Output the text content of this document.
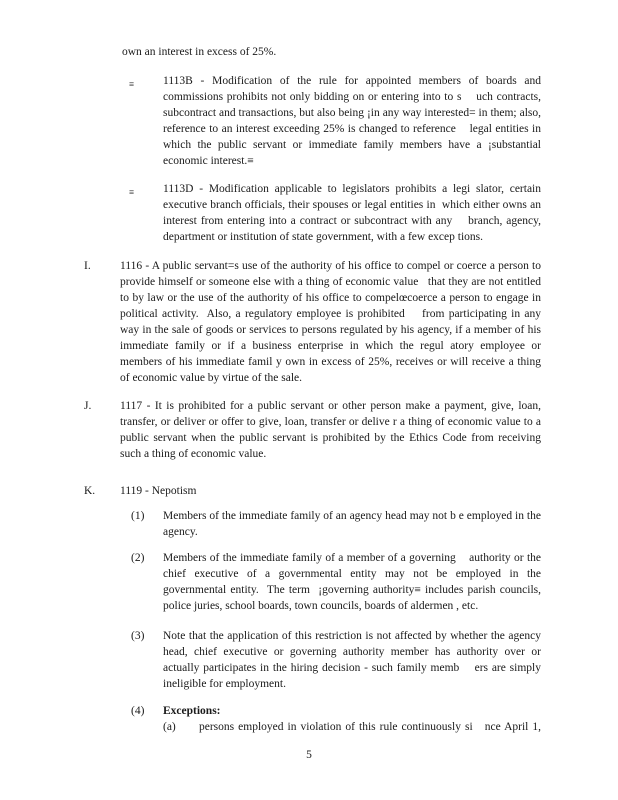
own an interest in excess of 25%.
≡	1113B - Modification of the rule for appointed members of boards and
commissions prohibits not only bidding on or entering into to s    uch contracts,
subcontract and transactions, but also being ¡in any way interested= in them; also,
reference to an interest exceeding 25% is changed to reference    legal entities in
which the public servant or immediate family members have a ¡substantial
economic interest.≡
≡	1113D - Modification applicable to legislators prohibits a legi slator, certain
executive branch officials, their spouses or legal entities in  which either owns an
interest from entering into a contract or subcontract with any    branch, agency,
department or institution of state government, with a few excep tions.
I.	1116 - A public servant=s use of the authority of his office to compel or coerce a person to
provide himself or someone else with a thing of economic value   that they are not entitled
to by law or the use of the authority of his office to compelœcoerce a person to engage in
political activity.  Also, a regulatory employee is prohibited    from participating in any
way in the sale of goods or services to persons regulated by his agency, if a member of his
immediate family or if a business enterprise in which the regul atory employee or
members of his immediate famil y own in excess of 25%, receives or will receive a thing
of economic value by virtue of the sale.
J.	1117 - It is prohibited for a public servant or other person make a payment, give, loan,
transfer, or deliver or offer to give, loan, transfer or delive r a thing of economic value to a
public servant when the public servant is prohibited by the Ethics Code from receiving
such a thing of economic value.
K.	1119 - Nepotism
(1)	Members of the immediate family of an agency head may not b e employed in the
agency.
(2)	Members of the immediate family of a member of a governing    authority or the
chief executive of a governmental entity may not be employed in the
governmental entity.  The term  ¡governing authority≡ includes parish councils,
police juries, school boards, town councils, boards of aldermen , etc.
(3)	Note that the application of this restriction is not affected by whether the agency
head, chief executive or governing authority member has authority over or
actually participates in the hiring decision - such family memb    ers are simply
ineligible for employment.
(4)	Exceptions:
(a)	persons employed in violation of this rule continuously si   nce April 1,
5
